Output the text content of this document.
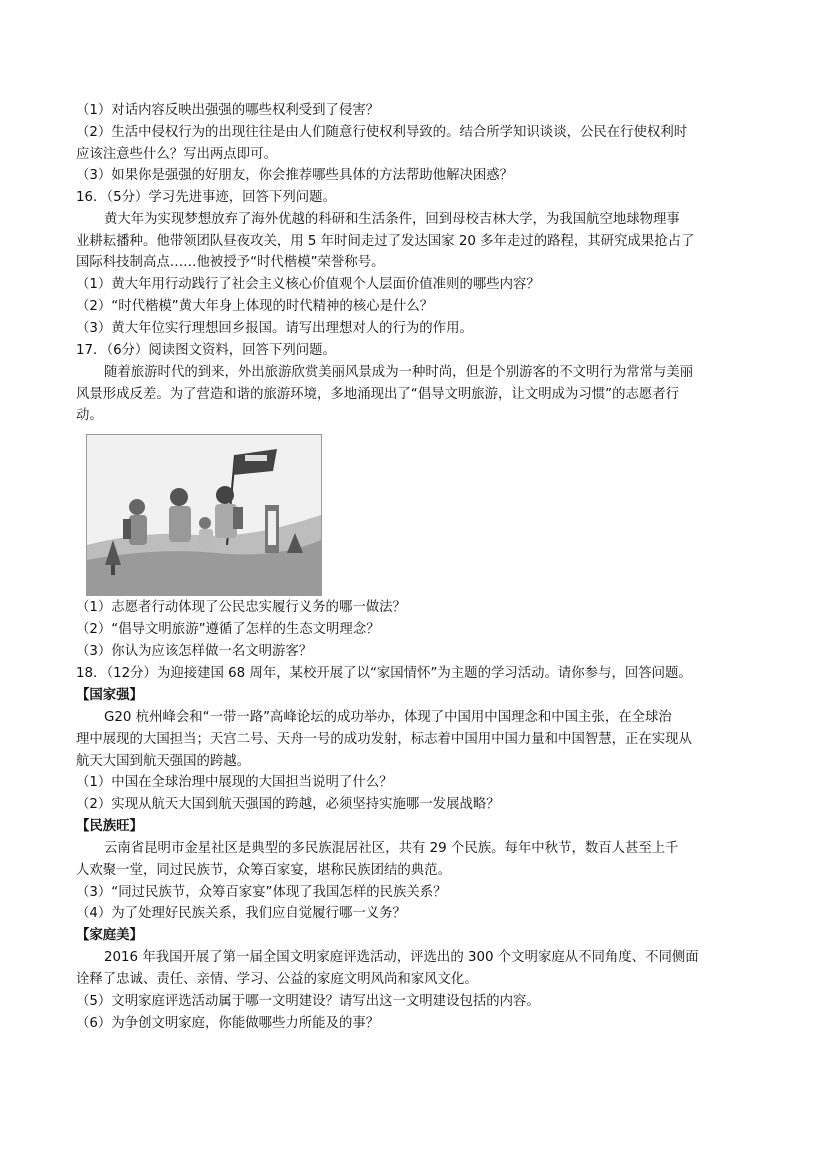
（1）对话内容反映出强强的哪些权利受到了侵害？
（2）生活中侵权行为的出现往往是由人们随意行使权利导致的。结合所学知识谈谈，公民在行使权利时
应该注意些什么？写出两点即可。
（3）如果你是强强的好朋友，你会推荐哪些具体的方法帮助他解决困惑？
16．（5分）学习先进事迹，回答下列问题。
黄大年为实现梦想放弃了海外优越的科研和生活条件，回到母校吉林大学，为我国航空地球物理事
业耕耘播种。他带领团队昼夜攻关，用 5 年时间走过了发达国家 20 多年走过的路程，其研究成果抢占了
国际科技制高点……他被授予“时代楷模”荣誉称号。
（1）黄大年用行动践行了社会主义核心价值观个人层面价值准则的哪些内容？
（2）“时代楷模”黄大年身上体现的时代精神的核心是什么？
（3）黄大年位实行理想回乡报国。请写出理想对人的行为的作用。
17．（6分）阅读图文资料，回答下列问题。
随着旅游时代的到来，外出旅游欣赏美丽风景成为一种时尚，但是个别游客的不文明行为常常与美丽
风景形成反差。为了营造和谐的旅游环境，多地涌现出了“倡导文明旅游，让文明成为习惯”的志愿者行
动。
（1）志愿者行动体现了公民忠实履行义务的哪一做法？
（2）“倡导文明旅游”遵循了怎样的生态文明理念？
（3）你认为应该怎样做一名文明游客？
18．（12分）为迎接建国 68 周年，某校开展了以“家国情怀”为主题的学习活动。请你参与，回答问题。
【国家强】
G20 杭州峰会和“一带一路”高峰论坛的成功举办，体现了中国用中国理念和中国主张，在全球治
理中展现的大国担当；天宫二号、天舟一号的成功发射，标志着中国用中国力量和中国智慧，正在实现从
航天大国到航天强国的跨越。
（1）中国在全球治理中展现的大国担当说明了什么？
（2）实现从航天大国到航天强国的跨越，必须坚持实施哪一发展战略？
【民族旺】
云南省昆明市金星社区是典型的多民族混居社区，共有 29 个民族。每年中秋节，数百人甚至上千
人欢聚一堂，同过民族节，众筹百家宴，堪称民族团结的典范。
（3）“同过民族节，众筹百家宴”体现了我国怎样的民族关系？
（4）为了处理好民族关系，我们应自觉履行哪一义务？
【家庭美】
2016 年我国开展了第一届全国文明家庭评选活动，评选出的 300 个文明家庭从不同角度、不同侧面
诠释了忠诚、责任、亲情、学习、公益的家庭文明风尚和家风文化。
（5）文明家庭评选活动属于哪一文明建设？请写出这一文明建设包括的内容。
（6）为争创文明家庭，你能做哪些力所能及的事？
